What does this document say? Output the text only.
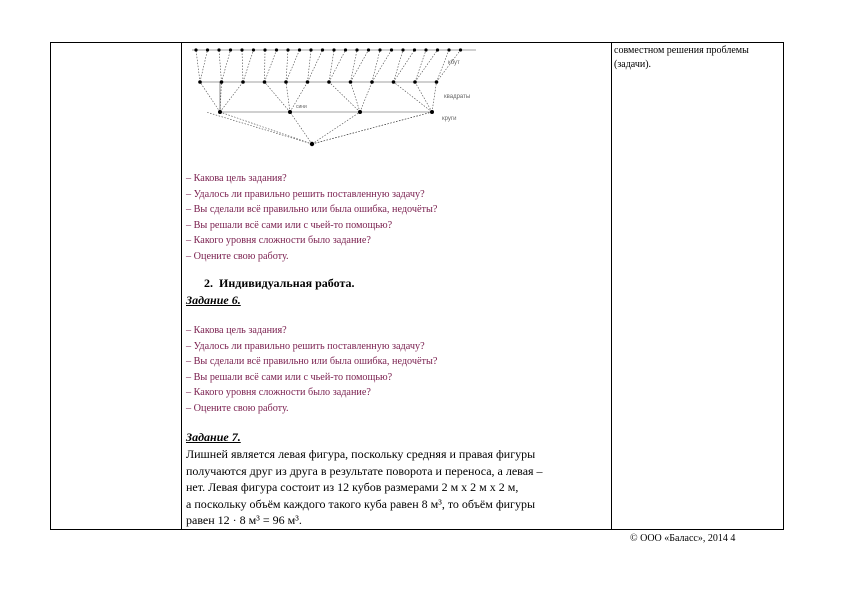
кбут
квадраты
круги
сини
– Какова цель задания?
– Удалось ли правильно решить поставленную задачу?
– Вы сделали всё правильно или была ошибка, недочёты?
– Вы решали всё сами или с чьей-то помощью?
– Какого уровня сложности было задание?
– Оцените свою работу.
2. Индивидуальная работа.
Задание 6.
– Какова цель задания?
– Удалось ли правильно решить поставленную задачу?
– Вы сделали всё правильно или была ошибка, недочёты?
– Вы решали всё сами или с чьей-то помощью?
– Какого уровня сложности было задание?
– Оцените свою работу.
Задание 7.
Лишней является левая фигура, поскольку средняя и правая фигуры
получаются друг из друга в результате поворота и переноса, а левая –
нет. Левая фигура состоит из 12 кубов размерами 2 м х 2 м х 2 м,
а поскольку объём каждого такого куба равен 8 м³, то объём фигуры
равен 12 · 8 м³ = 96 м³.
совместном решения проблемы
(задачи).
© ООО «Баласс», 2014 4
